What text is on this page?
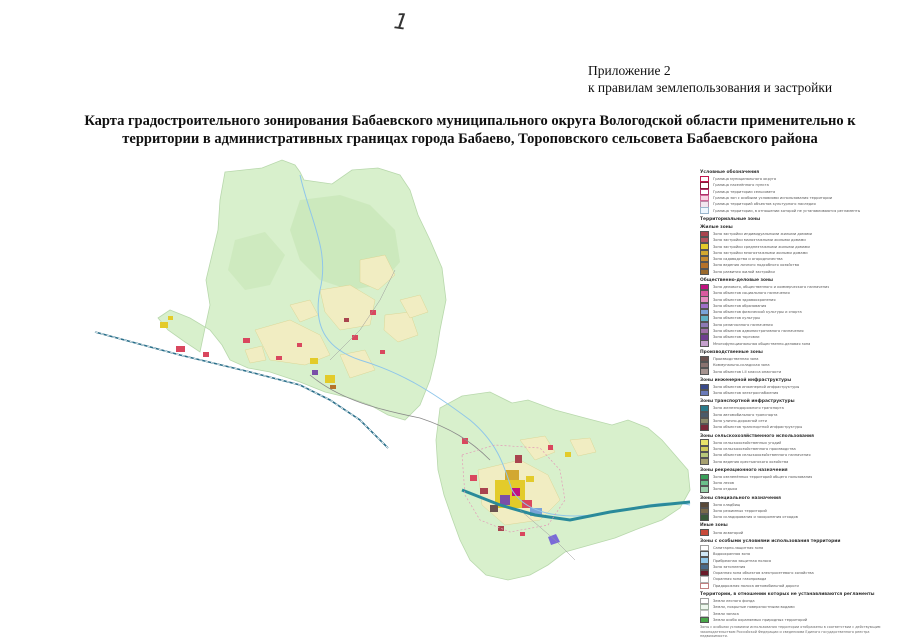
1
Приложение 2
к правилам землепользования и застройки
Карта градостроительного зонирования Бабаевского муниципального округа Вологодской области применительно к
территории в административных границах города Бабаево, Тороповского сельсовета Бабаевского района
Условные обозначения
Граница муниципального округа
Граница населённого пункта
Граница территории сельсовета
Граница зон с особыми условиями использования территории
Граница территорий объектов культурного наследия
Граница территории, в отношении которой не устанавливаются регламенты
Территориальные зоны
Жилые зоны
Зона застройки индивидуальными жилыми домами
Зона застройки малоэтажными жилыми домами
Зона застройки среднеэтажными жилыми домами
Зона застройки многоэтажными жилыми домами
Зона садоводства и огородничества
Зона ведения личного подсобного хозяйства
Зона развития жилой застройки
Общественно-деловые зоны
Зона делового, общественного и коммерческого назначения
Зона объектов социального назначения
Зона объектов здравоохранения
Зона объектов образования
Зона объектов физической культуры и спорта
Зона объектов культуры
Зона религиозного назначения
Зона объектов административного назначения
Зона объектов торговли
Многофункциональная общественно-деловая зона
Производственные зоны
Производственная зона
Коммунально-складская зона
Зона объектов I-II класса опасности
Зоны инженерной инфраструктуры
Зона объектов инженерной инфраструктуры
Зона объектов электроснабжения
Зоны транспортной инфраструктуры
Зона железнодорожного транспорта
Зона автомобильного транспорта
Зона улично-дорожной сети
Зона объектов транспортной инфраструктуры
Зоны сельскохозяйственного использования
Зона сельскохозяйственных угодий
Зона сельскохозяйственного производства
Зона объектов сельскохозяйственного назначения
Зона ведения крестьянского хозяйства
Зоны рекреационного назначения
Зона озеленённых территорий общего пользования
Зона лесов
Зона отдыха
Зоны специального назначения
Зона кладбищ
Зона режимных территорий
Зона складирования и захоронения отходов
Иные зоны
Зона акваторий
Зоны с особыми условиями использования территории
Санитарно-защитная зона
Водоохранная зона
Прибрежная защитная полоса
Зона затопления
Охранная зона объектов электросетевого хозяйства
Охранная зона газопровода
Придорожная полоса автомобильной дороги
Территории, в отношении которых не устанавливаются регламенты
Земли лесного фонда
Земли, покрытые поверхностными водами
Земли запаса
Земли особо охраняемых природных территорий
Зоны с особыми условиями использования территории отображены в соответствии с действующим законодательством Российской Федерации и сведениями Единого государственного реестра недвижимости.
